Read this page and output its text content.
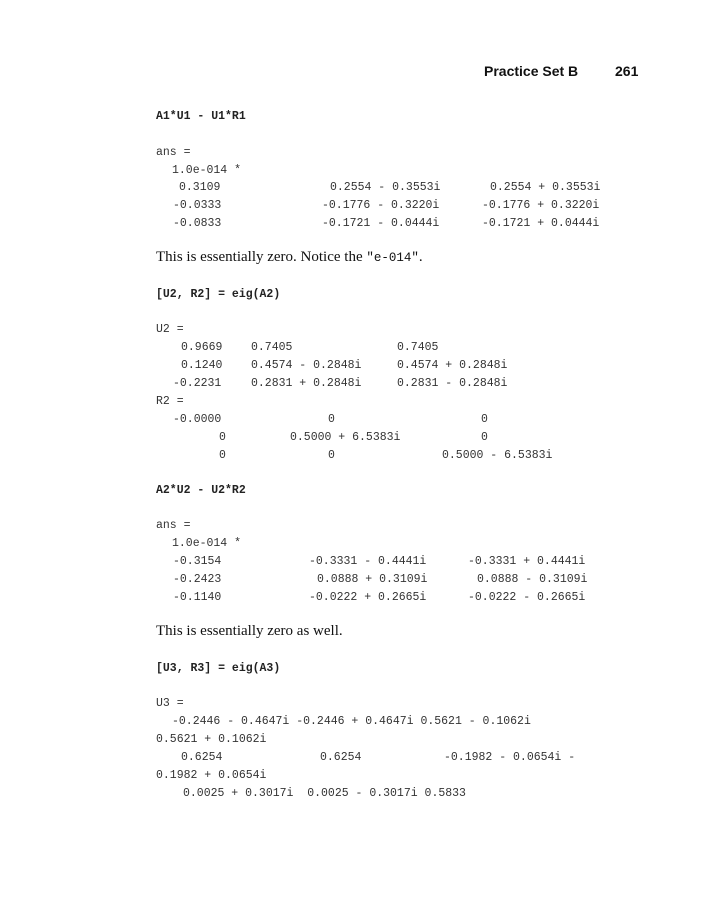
Practice Set B	261
A1*U1 - U1*R1
ans =
1.0e-014 *
0.3109	0.2554 - 0.3553i	0.2554 + 0.3553i
-0.0333	-0.1776 - 0.3220i	-0.1776 + 0.3220i
-0.0833	-0.1721 - 0.0444i	-0.1721 + 0.0444i
This is essentially zero. Notice the "e-014".
[U2, R2] = eig(A2)
U2 =
0.9669 0.7405	0.7405
0.1240 0.4574 - 0.2848i	0.4574 + 0.2848i
-0.2231	0.2831 + 0.2848i	0.2831 - 0.2848i
R2 =
-0.0000	0	0
0	0.5000 + 6.5383i	0
0	0	0.5000 - 6.5383i
A2*U2 - U2*R2
ans =
1.0e-014 *
-0.3154	-0.3331 - 0.4441i	-0.3331 + 0.4441i
-0.2423	0.0888 + 0.3109i	0.0888 - 0.3109i
-0.1140	-0.0222 + 0.2665i	-0.0222 - 0.2665i
This is essentially zero as well.
[U3, R3] = eig(A3)
U3 =
-0.2446 - 0.4647i -0.2446 + 0.4647i 0.5621 - 0.1062i
0.5621 + 0.1062i
0.6254	0.6254	-0.1982 - 0.0654i -
0.1982 + 0.0654i
0.0025 + 0.3017i  0.0025 - 0.3017i 0.5833
